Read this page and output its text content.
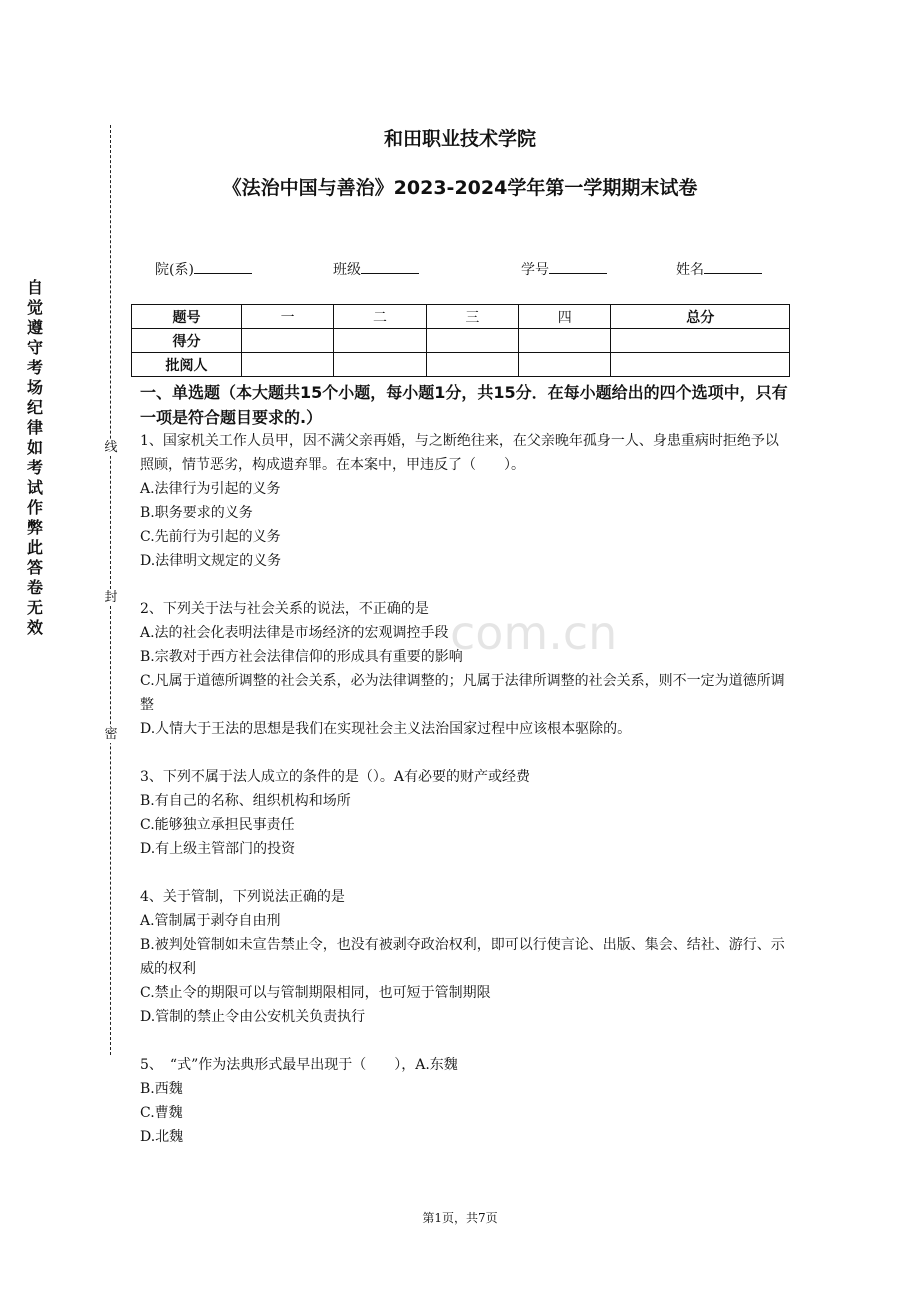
自觉遵守考场纪律如考试作弊此答卷无效
线
封
密
和田职业技术学院
《法治中国与善治》2023-2024学年第一学期期末试卷
院(系)	班级	学号	姓名
题号	一	二	三	四	总分
得分					
批阅人					
一、单选题（本大题共15个小题，每小题1分，共15分．在每小题给出的四个选项中，只有一项是符合题目要求的.）
com.cn

1、国家机关工作人员甲，因不满父亲再婚，与之断绝往来，在父亲晚年孤身一人、身患重病时拒绝予以照顾，情节恶劣，构成遗弃罪。在本案中，甲违反了（　　）。

A.法律行为引起的义务

B.职务要求的义务

C.先前行为引起的义务

D.法律明文规定的义务

2、下列关于法与社会关系的说法，不正确的是

A.法的社会化表明法律是市场经济的宏观调控手段

B.宗教对于西方社会法律信仰的形成具有重要的影响

C.凡属于道德所调整的社会关系，必为法律调整的；凡属于法律所调整的社会关系，则不一定为道德所调整

D.人情大于王法的思想是我们在实现社会主义法治国家过程中应该根本驱除的。

3、下列不属于法人成立的条件的是（）。A有必要的财产或经费

B.有自己的名称、组织机构和场所

C.能够独立承担民事责任

D.有上级主管部门的投资

4、关于管制，下列说法正确的是

A.管制属于剥夺自由刑

B.被判处管制如未宣告禁止令，也没有被剥夺政治权利，即可以行使言论、出版、集会、结社、游行、示威的权利

C.禁止令的期限可以与管制期限相同，也可短于管制期限

D.管制的禁止令由公安机关负责执行

5、　“式”作为法典形式最早出现于（　　），A.东魏

B.西魏

C.曹魏

D.北魏

第1页，共7页
